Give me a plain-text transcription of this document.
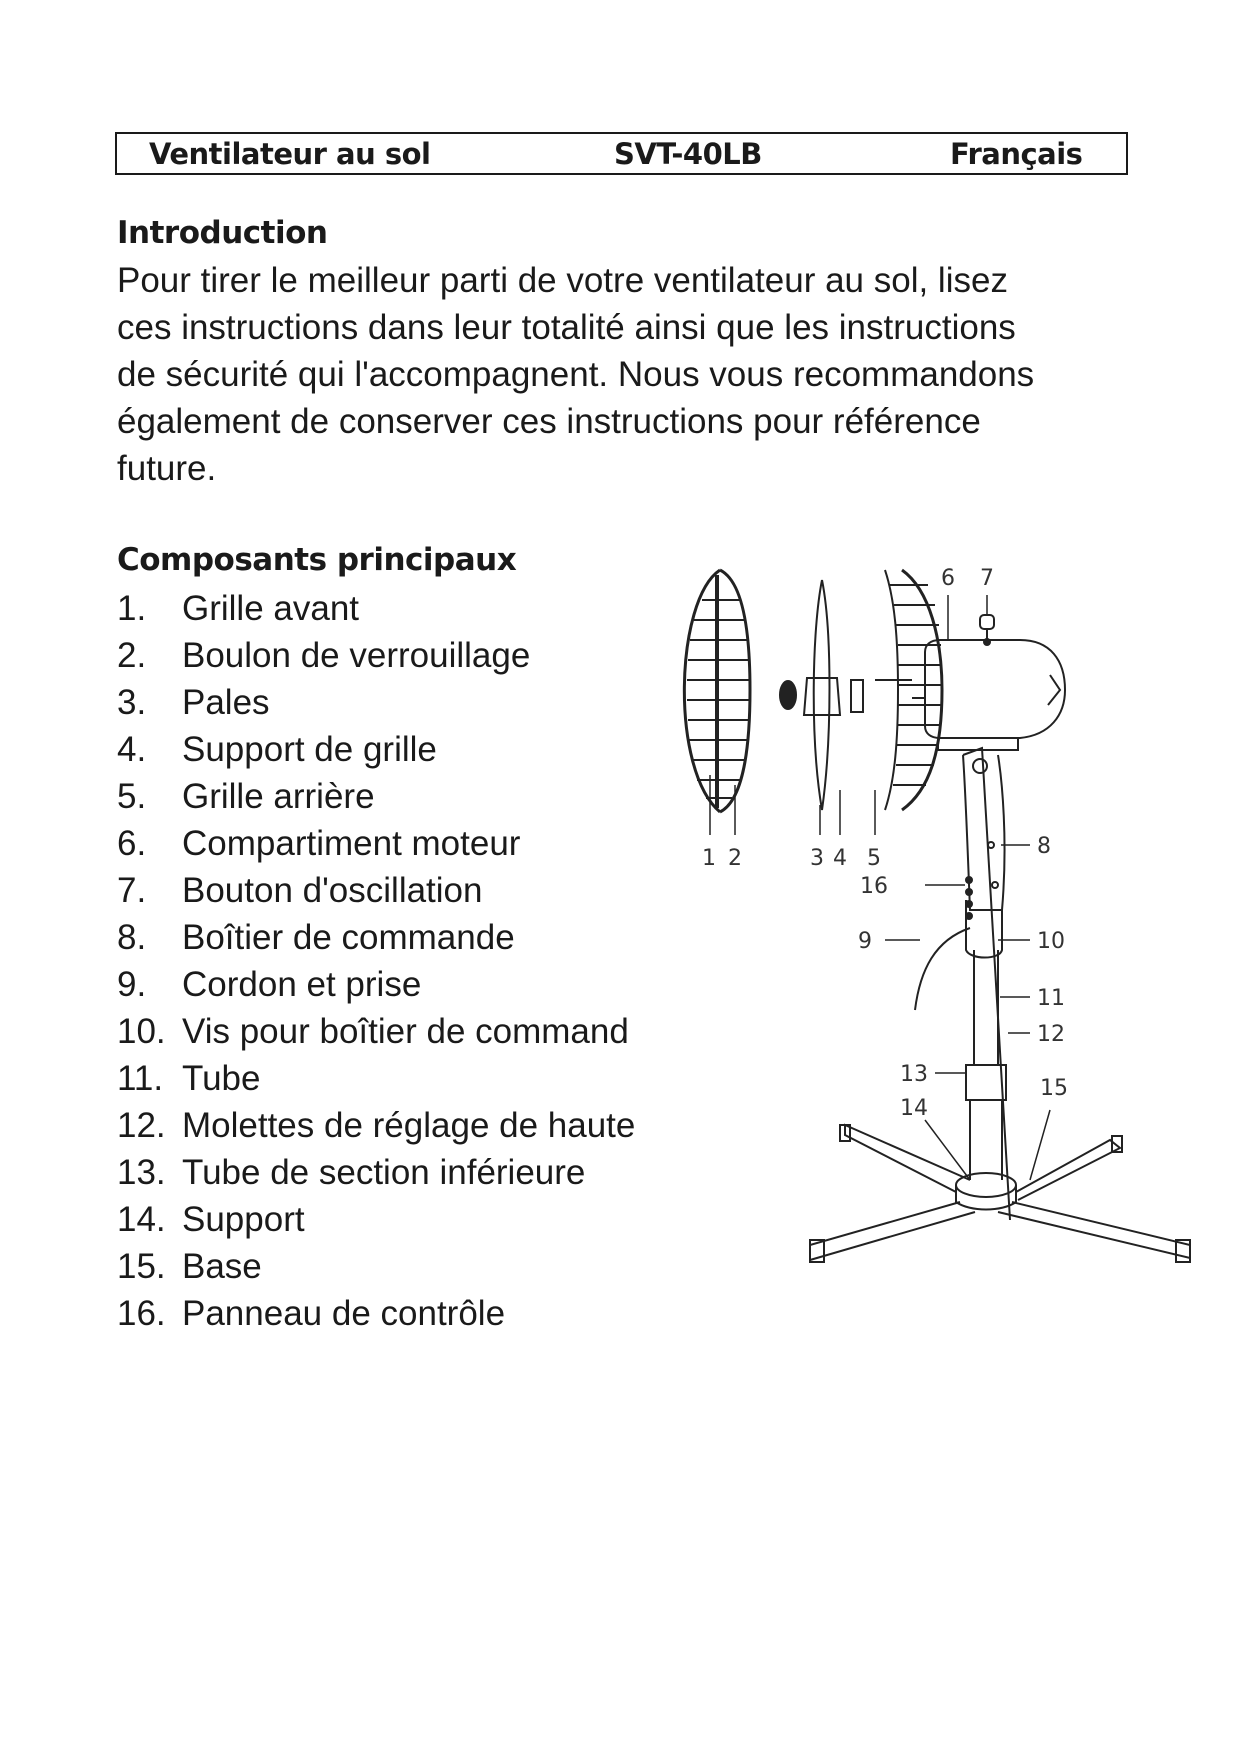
Ventilateur au sol	SVT-40LB	Français
Introduction

Pour tirer le meilleur parti de votre ventilateur au sol, lisez
ces instructions dans leur totalité ainsi que les instructions
de sécurité qui l'accompagnent. Nous vous recommandons
également de conserver ces instructions pour référence
future.

Composants principaux
1. Grille avant
2. Boulon de verrouillage
3. Pales
4. Support de grille
5. Grille arrière
6. Compartiment moteur
7. Bouton d'oscillation
8. Boîtier de commande
9. Cordon et prise
10. Vis pour boîtier de command
11. Tube
12. Molettes de réglage de haute
13. Tube de section inférieure
14. Support
15. Base
16. Panneau de contrôle
1 2	3 4 5
6 7
8
9	10
11
12
13
14
15
16
